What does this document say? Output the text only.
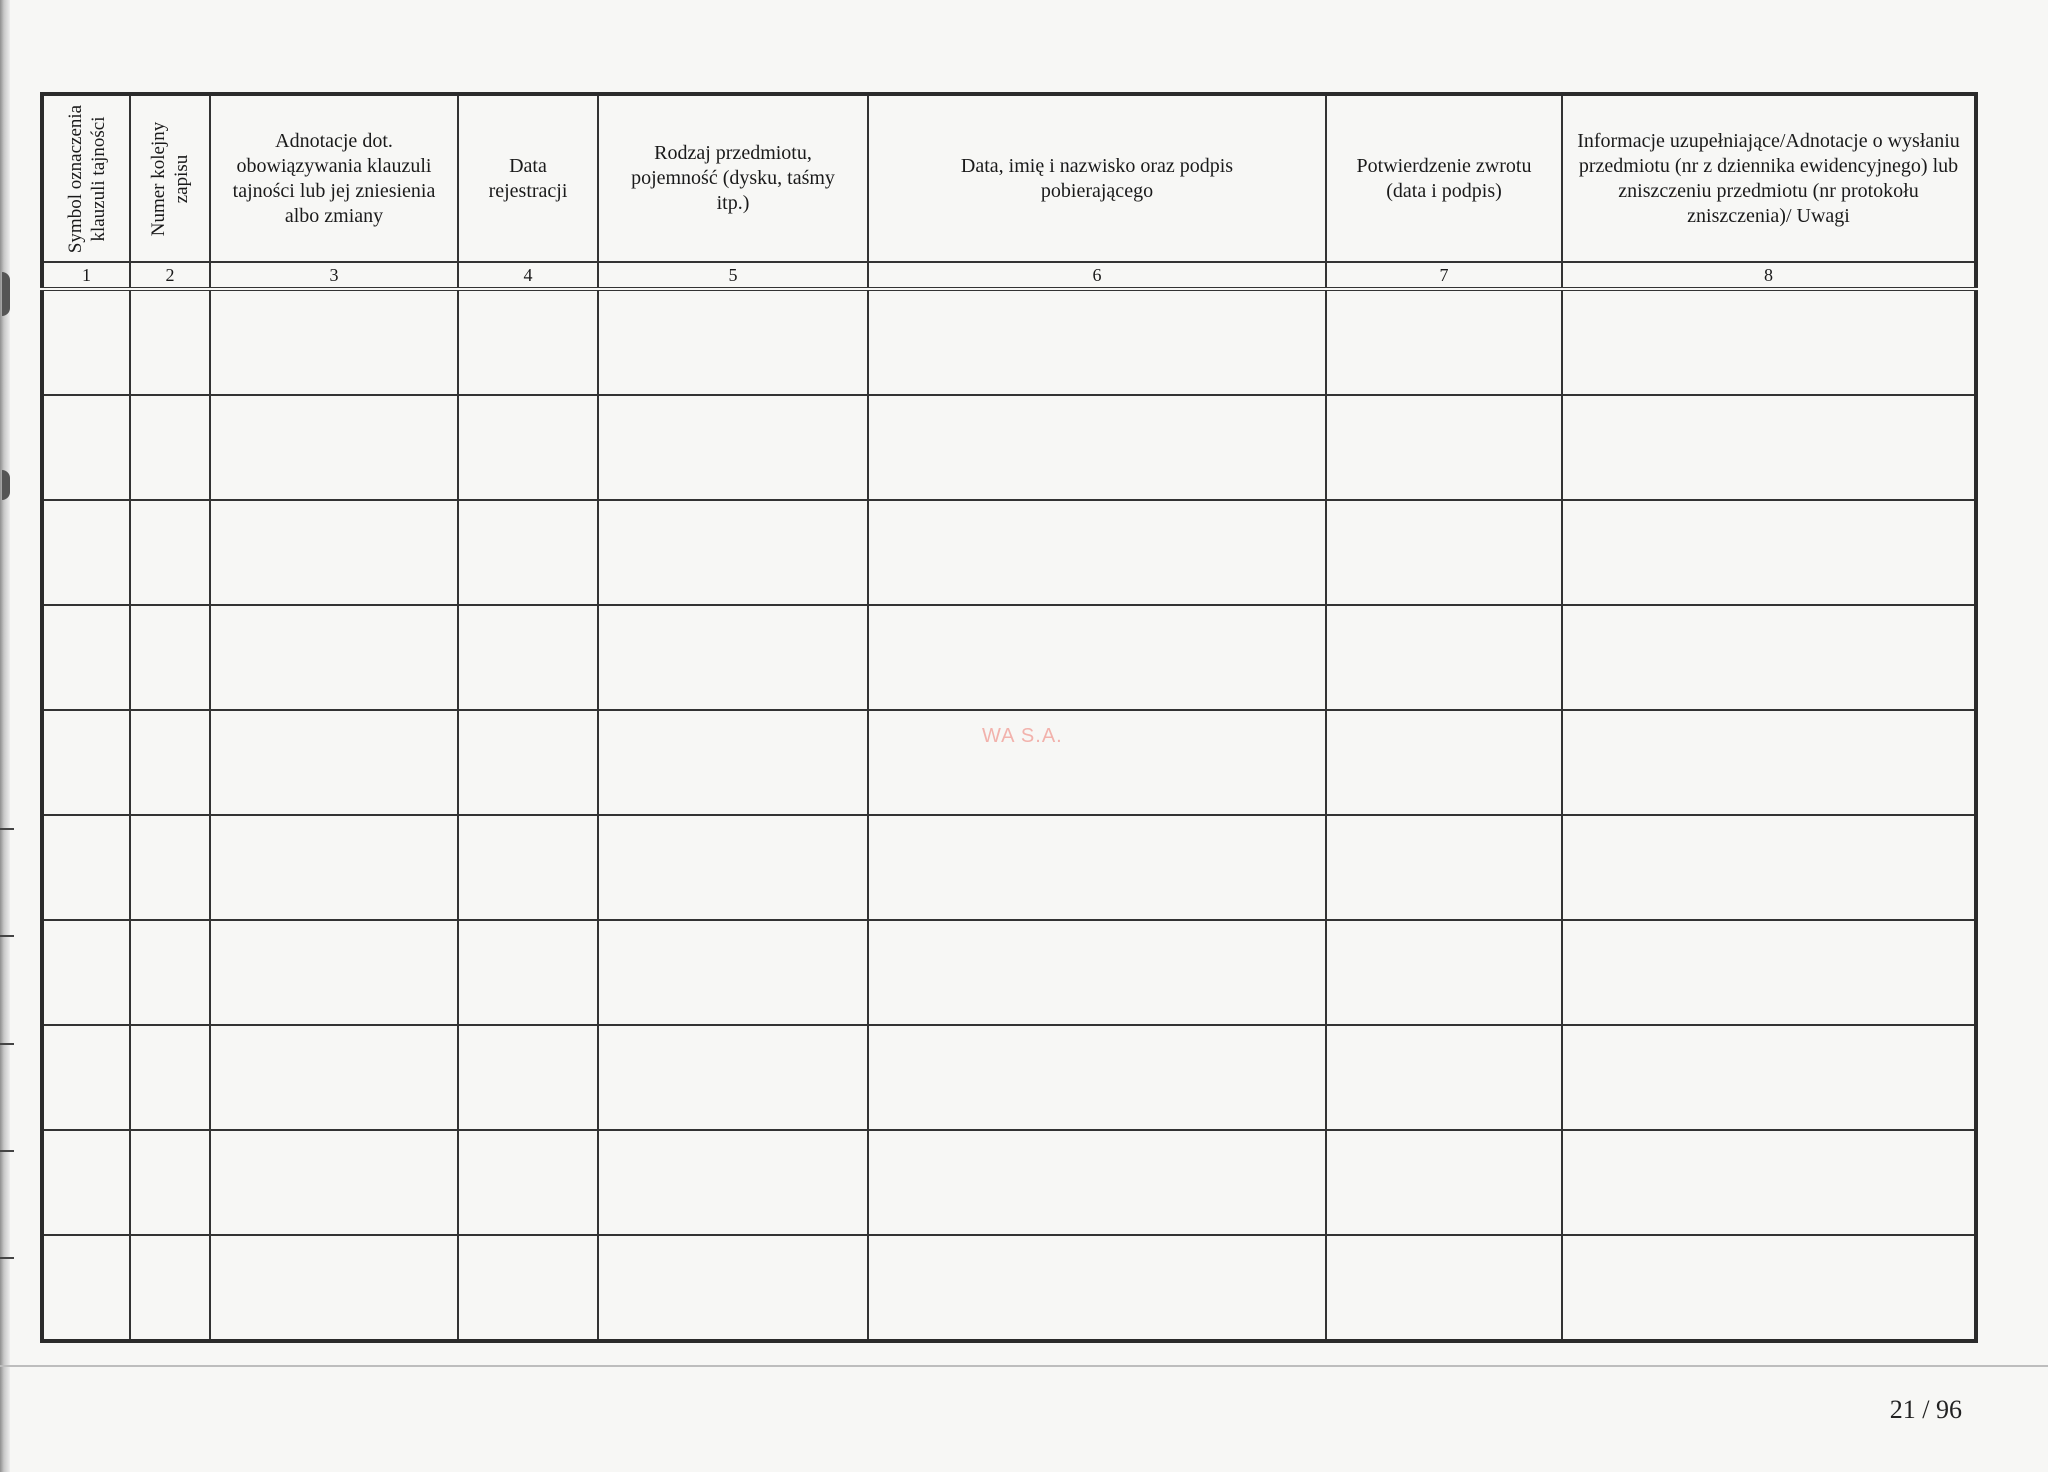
Symbol oznaczenia klauzuli tajności	Numer kolejny zapisu	Adnotacje dot. obowiązywania klauzuli tajności lub jej zniesienia albo zmiany	Data rejestracji	Rodzaj przedmiotu, pojemność (dysku, taśmy itp.)	Data, imię i nazwisko oraz podpis pobierającego	Potwierdzenie zwrotu (data i podpis)	Informacje uzupełniające/Adnotacje o wysłaniu przedmiotu (nr z dziennika ewidencyjnego) lub zniszczeniu przedmiotu (nr protokołu zniszczenia)/ Uwagi
1	2	3	4	5	6	7	8

WA S.A.
21 / 96
